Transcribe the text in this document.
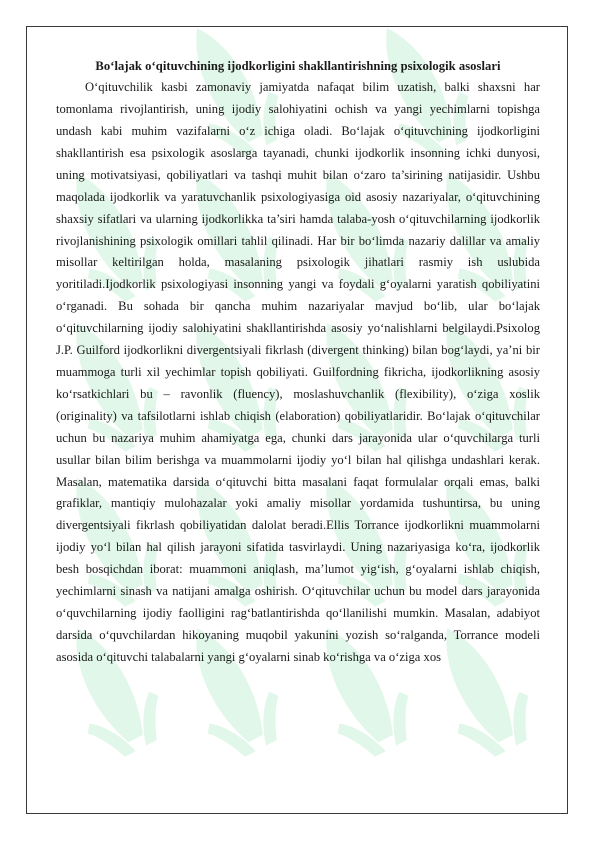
Bo‘lajak o‘qituvchining ijodkorligini shakllantirishning psixologik asoslari

O‘qituvchilik kasbi zamonaviy jamiyatda nafaqat bilim uzatish, balki shaxsni har tomonlama rivojlantirish, uning ijodiy salohiyatini ochish va yangi yechimlarni topishga undash kabi muhim vazifalarni o‘z ichiga oladi. Bo‘lajak o‘qituvchining ijodkorligini shakllantirish esa psixologik asoslarga tayanadi, chunki ijodkorlik insonning ichki dunyosi, uning motivatsiyasi, qobiliyatlari va tashqi muhit bilan o‘zaro ta’sirining natijasidir. Ushbu maqolada ijodkorlik va yaratuvchanlik psixologiyasiga oid asosiy nazariyalar, o‘qituvchining shaxsiy sifatlari va ularning ijodkorlikka ta’siri hamda talaba-yosh o‘qituvchilarning ijodkorlik rivojlanishining psixologik omillari tahlil qilinadi. Har bir bo‘limda nazariy dalillar va amaliy misollar keltirilgan holda, masalaning psixologik jihatlari rasmiy ish uslubida yoritiladi.Ijodkorlik psixologiyasi insonning yangi va foydali g‘oyalarni yaratish qobiliyatini o‘rganadi. Bu sohada bir qancha muhim nazariyalar mavjud bo‘lib, ular bo‘lajak o‘qituvchilarning ijodiy salohiyatini shakllantirishda asosiy yo‘nalishlarni belgilaydi.Psixolog J.P. Guilford ijodkorlikni divergentsiyali fikrlash (divergent thinking) bilan bog‘laydi, ya’ni bir muammoga turli xil yechimlar topish qobiliyati. Guilfordning fikricha, ijodkorlikning asosiy ko‘rsatkichlari bu – ravonlik (fluency), moslashuvchanlik (flexibility), o‘ziga xoslik (originality) va tafsilotlarni ishlab chiqish (elaboration) qobiliyatlaridir. Bo‘lajak o‘qituvchilar uchun bu nazariya muhim ahamiyatga ega, chunki dars jarayonida ular o‘quvchilarga turli usullar bilan bilim berishga va muammolarni ijodiy yo‘l bilan hal qilishga undashlari kerak. Masalan, matematika darsida o‘qituvchi bitta masalani faqat formulalar orqali emas, balki grafiklar, mantiqiy mulohazalar yoki amaliy misollar yordamida tushuntirsa, bu uning divergentsiyali fikrlash qobiliyatidan dalolat beradi.Ellis Torrance ijodkorlikni muammolarni ijodiy yo‘l bilan hal qilish jarayoni sifatida tasvirlaydi. Uning nazariyasiga ko‘ra, ijodkorlik besh bosqichdan iborat: muammoni aniqlash, ma’lumot yig‘ish, g‘oyalarni ishlab chiqish, yechimlarni sinash va natijani amalga oshirish. O‘qituvchilar uchun bu model dars jarayonida o‘quvchilarning ijodiy faolligini rag‘batlantirishda qo‘llanilishi mumkin. Masalan, adabiyot darsida o‘quvchilardan hikoyaning muqobil yakunini yozish so‘ralganda, Torrance modeli asosida o‘qituvchi talabalarni yangi g‘oyalarni sinab ko‘rishga va o‘ziga xos
